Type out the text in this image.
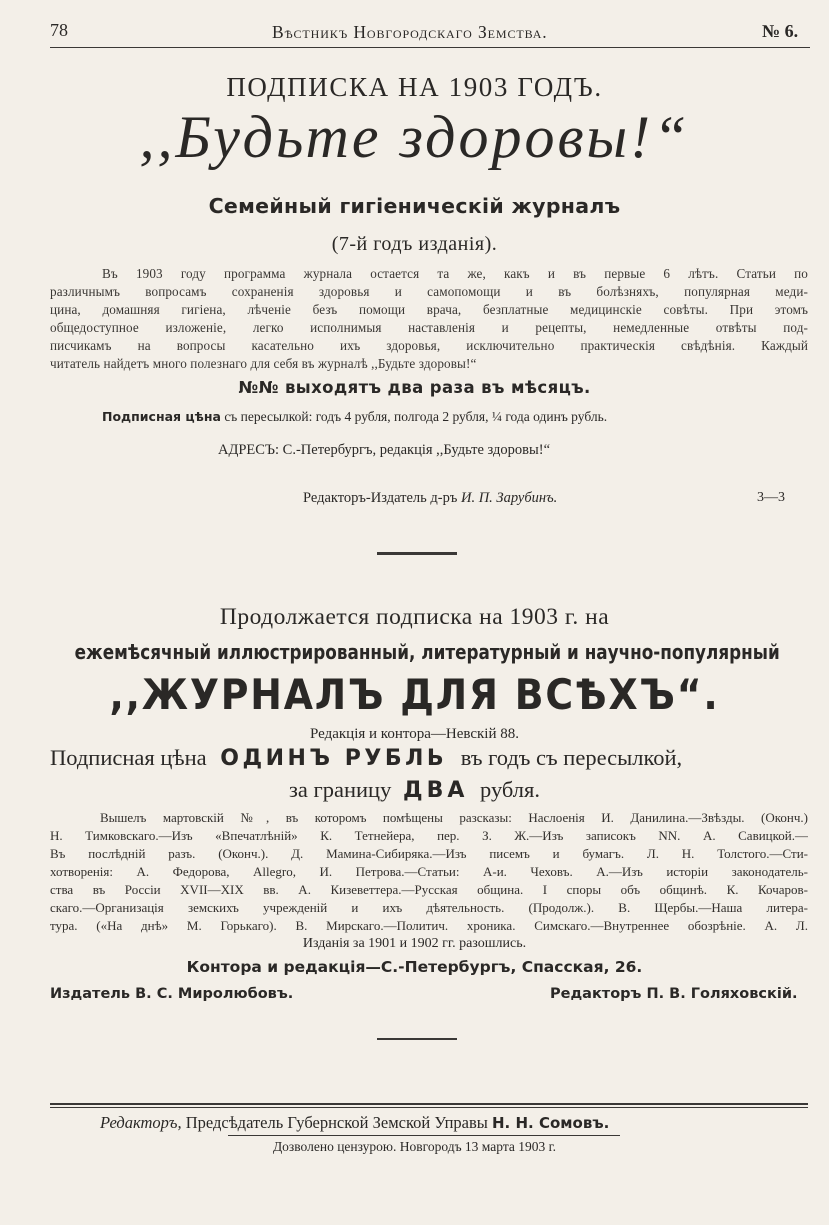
78	Вѣстникъ Новгородскаго Земства.	№ 6.
ПОДПИСКА НА 1903 ГОДЪ.
,,Будьте здоровы!“
Семейный гигіеническій журналъ
(7-й годъ изданія).
Въ 1903 году программа журнала остается та же, какъ и въ первые 6 лѣтъ. Статьи по
различнымъ вопросамъ сохраненія здоровья и самопомощи и въ болѣзняхъ, популярная меди-
цина, домашняя гигіена, лѣченіе безъ помощи врача, безплатные медицинскіе совѣты. При этомъ
общедоступное изложеніе, легко исполнимыя наставленія и рецепты, немедленные отвѣты под-
писчикамъ на вопросы касательно ихъ здоровья, исключительно практическія свѣдѣнія. Каждый
читатель найдетъ много полезнаго для себя въ журналѣ ,,Будьте здоровы!“
№№ выходятъ два раза въ мѣсяцъ.
Подписная цѣна съ пересылкой: годъ 4 рубля, полгода 2 рубля, ¼ года одинъ рубль.
АДРЕСЪ: С.-Петербургъ, редакція ,,Будьте здоровы!“
Редакторъ-Издатель д-ръ И. П. Зарубинъ.	3—3
Продолжается подписка на 1903 г. на
ежемѣсячный иллюстрированный, литературный и научно-популярный
,,ЖУРНАЛЪ ДЛЯ ВСѢХЪ“.
Редакція и контора—Невскій 88.
Подписная цѣна ОДИНЪ РУБЛЬ въ годъ съ пересылкой,
за границу ДВА рубля.
Вышелъ мартовскій №, въ которомъ помѣщены разсказы: Наслоенія И. Данилина.—Звѣзды. (Оконч.)
Н. Тимковскаго.—Изъ «Впечатлѣній» К. Тетнейера, пер. З. Ж.—Изъ записокъ NN. А. Савицкой.—
Въ послѣдній разъ. (Оконч.). Д. Мамина-Сибиряка.—Изъ писемъ и бумагъ. Л. Н. Толстого.—Сти-
хотворенія: А. Федорова, Allegro, И. Петрова.—Статьи: А-и. Чеховъ. А.—Изъ исторіи законодатель-
ства въ Россіи XVII—XIX вв. А. Кизеветтера.—Русская община. I споры объ общинѣ. К. Кочаров-
скаго.—Организація земскихъ учрежденій и ихъ дѣятельность. (Продолж.). В. Щербы.—Наша литера-
тура. («На днѣ» М. Горькаго). В. Мирскаго.—Политич. хроника. Симскаго.—Внутреннее обозрѣніе. А. Л.
Изданія за 1901 и 1902 гг. разошлись.
Контора и редакція—С.-Петербургъ, Спасская, 26.
Издатель В. С. Миролюбовъ.	Редакторъ П. В. Голяховскій.
Редакторъ, Предсѣдатель Губернской Земской Управы Н. Н. Сомовъ.
Дозволено цензурою. Новгородъ 13 марта 1903 г.
